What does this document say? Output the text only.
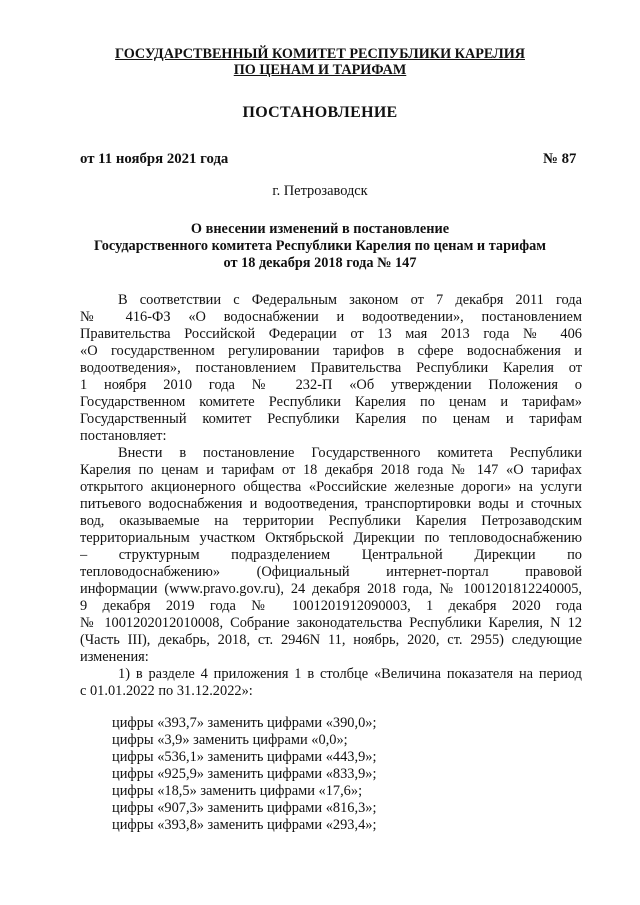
ГОСУДАРСТВЕННЫЙ КОМИТЕТ РЕСПУБЛИКИ КАРЕЛИЯ
ПО ЦЕНАМ И ТАРИФАМ
ПОСТАНОВЛЕНИЕ
от 11 ноября 2021 года	№ 87
г. Петрозаводск
О внесении изменений в постановление
Государственного комитета Республики Карелия по ценам и тарифам
от 18 декабря 2018 года № 147
В соответствии с Федеральным законом от 7 декабря 2011 года
№ 416-ФЗ «О водоснабжении и водоотведении», постановлением
Правительства Российской Федерации от 13 мая 2013 года № 406
«О государственном регулировании тарифов в сфере водоснабжения и
водоотведения», постановлением Правительства Республики Карелия от
1 ноября 2010 года № 232-П «Об утверждении Положения о
Государственном комитете Республики Карелия по ценам и тарифам»
Государственный комитет Республики Карелия по ценам и тарифам
постановляет:
Внести в постановление Государственного комитета Республики
Карелия по ценам и тарифам от 18 декабря 2018 года № 147 «О тарифах
открытого акционерного общества «Российские железные дороги» на услуги
питьевого водоснабжения и водоотведения, транспортировки воды и сточных
вод, оказываемые на территории Республики Карелия Петрозаводским
территориальным участком Октябрьской Дирекции по тепловодоснабжению
– структурным подразделением Центральной Дирекции по
тепловодоснабжению» (Официальный интернет-портал правовой
информации (www.pravo.gov.ru), 24 декабря 2018 года, № 1001201812240005,
9 декабря 2019 года № 1001201912090003, 1 декабря 2020 года
№ 1001202012010008, Собрание законодательства Республики Карелия, N 12
(Часть III), декабрь, 2018, ст. 2946N 11, ноябрь, 2020, ст. 2955) следующие
изменения:
1) в разделе 4 приложения 1 в столбце «Величина показателя на период
с 01.01.2022 по 31.12.2022»:
цифры «393,7» заменить цифрами «390,0»;
цифры «3,9» заменить цифрами «0,0»;
цифры «536,1» заменить цифрами «443,9»;
цифры «925,9» заменить цифрами «833,9»;
цифры «18,5» заменить цифрами «17,6»;
цифры «907,3» заменить цифрами «816,3»;
цифры «393,8» заменить цифрами «293,4»;
